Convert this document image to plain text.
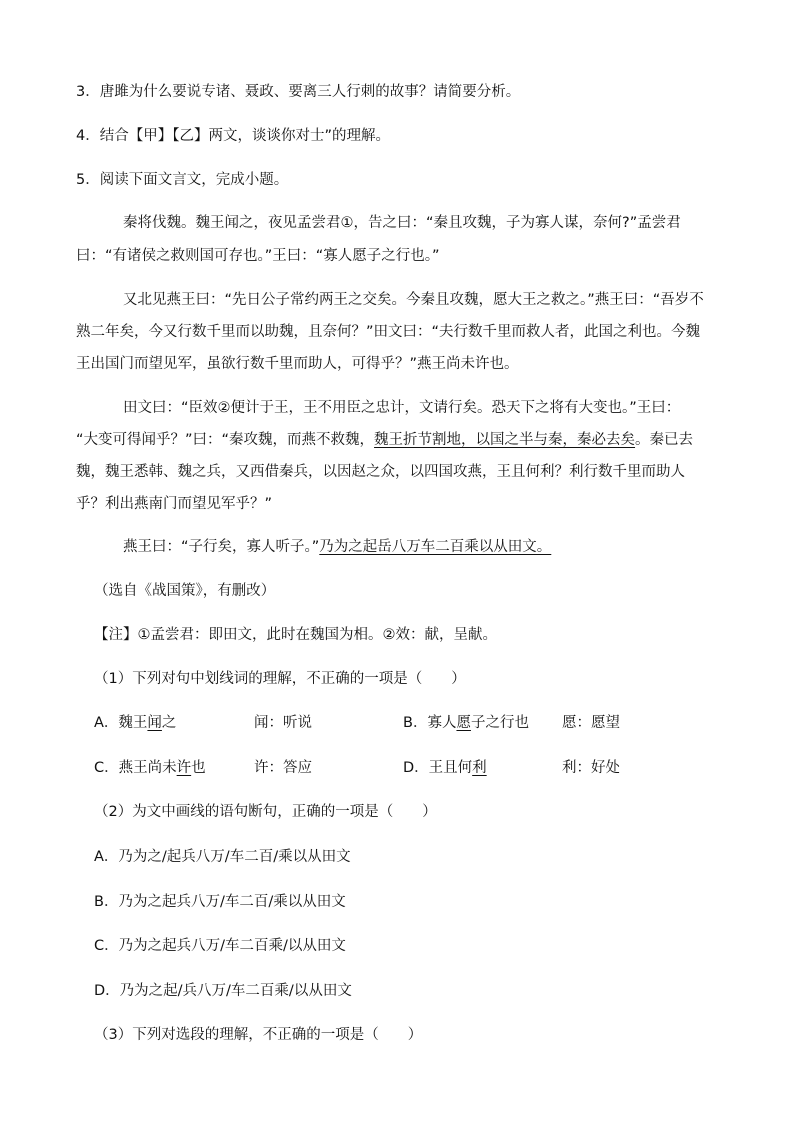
3．唐雎为什么要说专诸、聂政、要离三人行刺的故事？请简要分析。
4．结合【甲】【乙】两文，谈谈你对士”的理解。
5．阅读下面文言文，完成小题。
秦将伐魏。魏王闻之，夜见孟尝君①，告之曰：“秦且攻魏，子为寡人谋，奈何?”孟尝君
曰：“有诸侯之救则国可存也。”王曰：“寡人愿子之行也。”
又北见燕王曰：“先日公子常约两王之交矣。今秦且攻魏，愿大王之救之。”燕王曰：“吾岁不
熟二年矣，今又行数千里而以助魏，且奈何？”田文曰：“夫行数千里而救人者，此国之利也。今魏
王出国门而望见军，虽欲行数千里而助人，可得乎？”燕王尚未许也。
田文曰：“臣效②便计于王，王不用臣之忠计，文请行矣。恐天下之将有大变也。”王曰：
“大变可得闻乎？”曰：“秦攻魏，而燕不救魏，魏王折节割地，以国之半与秦，秦必去矣。秦已去
魏，魏王悉韩、魏之兵，又西借秦兵，以因赵之众，以四国攻燕，王且何利？利行数千里而助人
乎？利出燕南门而望见军乎？”
燕王曰：“子行矣，寡人听子。”乃为之起岳八万车二百乘以从田文。
（选自《战国策》，有删改）
【注】①孟尝君：即田文，此时在魏国为相。②效：献，呈献。
（1）下列对句中划线词的理解，不正确的一项是（　　）
A．魏王闻之	闻：听说	B．寡人愿子之行也 愿：愿望
C．燕王尚未许也	许：答应	D．王且何利	利：好处
（2）为文中画线的语句断句，正确的一项是（　　）
A．乃为之/起兵八万/车二百/乘以从田文
B．乃为之起兵八万/车二百/乘以从田文
C．乃为之起兵八万/车二百乘/以从田文
D．乃为之起/兵八万/车二百乘/以从田文
（3）下列对选段的理解，不正确的一项是（　　）
